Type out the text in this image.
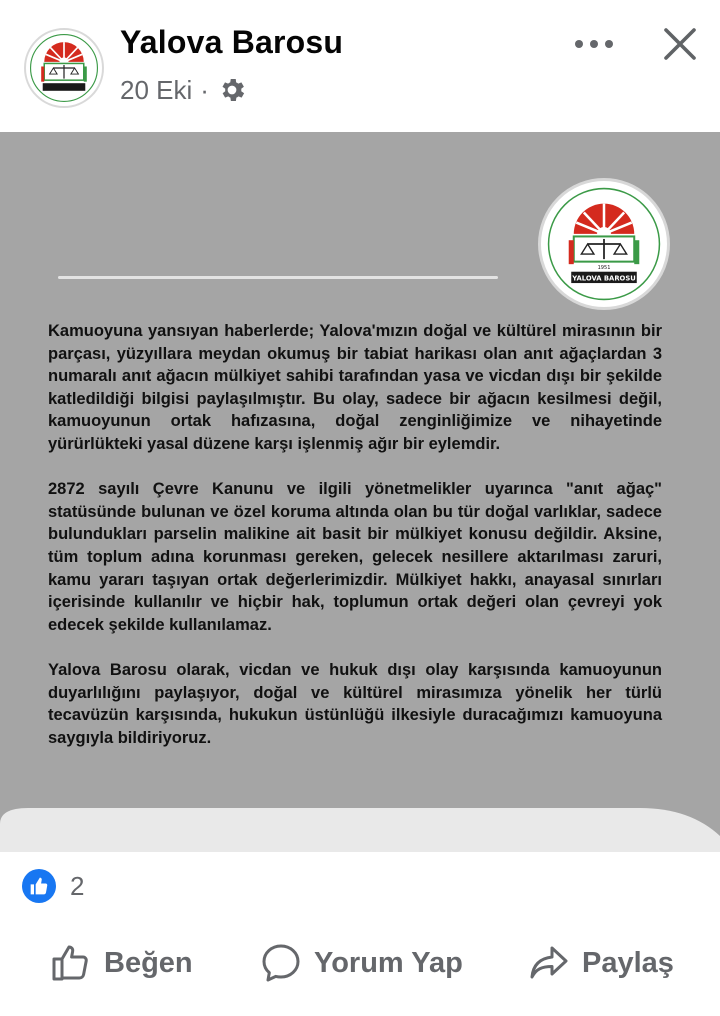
Yalova Barosu
20 Eki ·
1951
YALOVA BAROSU

Kamuoyuna yansıyan haberlerde; Yalova'mızın doğal ve kültürel mirasının bir parçası, yüzyıllara meydan okumuş bir tabiat harikası olan anıt ağaçlardan 3 numaralı anıt ağacın mülkiyet sahibi tarafından yasa ve vicdan dışı bir şekilde katledildiği bilgisi paylaşılmıştır. Bu olay, sadece bir ağacın kesilmesi değil, kamuoyunun ortak hafızasına, doğal zenginliğimize ve nihayetinde yürürlükteki yasal düzene karşı işlenmiş ağır bir eylemdir.

2872 sayılı Çevre Kanunu ve ilgili yönetmelikler uyarınca "anıt ağaç" statüsünde bulunan ve özel koruma altında olan bu tür doğal varlıklar, sadece bulundukları parselin malikine ait basit bir mülkiyet konusu değildir. Aksine, tüm toplum adına korunması gereken, gelecek nesillere aktarılması zaruri, kamu yararı taşıyan ortak değerlerimizdir. Mülkiyet hakkı, anayasal sınırları içerisinde kullanılır ve hiçbir hak, toplumun ortak değeri olan çevreyi yok edecek şekilde kullanılamaz.

Yalova Barosu olarak, vicdan ve hukuk dışı olay karşısında kamuoyunun duyarlılığını paylaşıyor, doğal ve kültürel mirasımıza yönelik her türlü tecavüzün karşısında, hukukun üstünlüğü ilkesiyle duracağımızı kamuoyuna saygıyla bildiriyoruz.

2
Beğen	Yorum Yap	Paylaş
